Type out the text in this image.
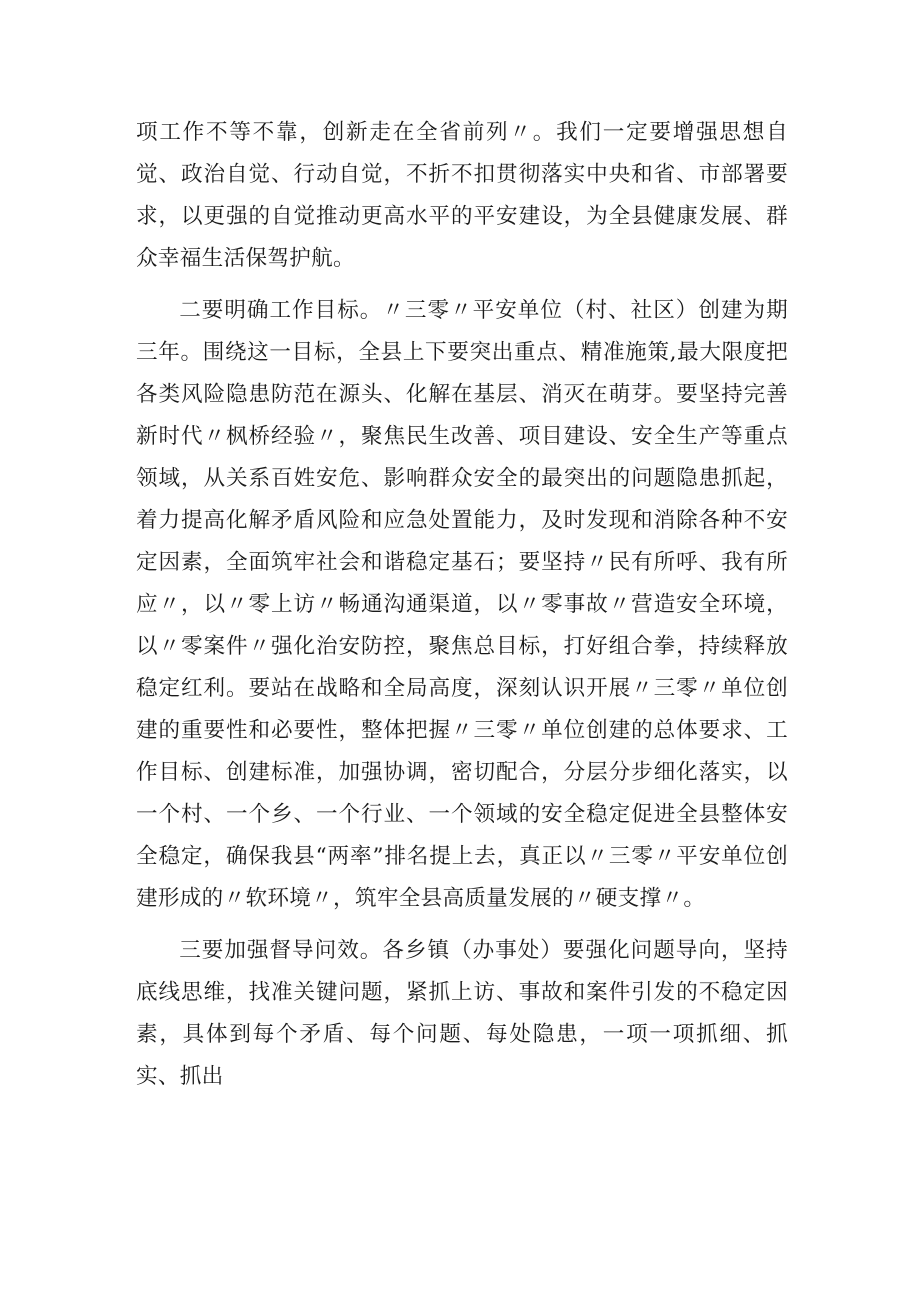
项工作不等不靠，创新走在全省前列〃。我们一定要增强思想自觉、政治自觉、行动自觉，不折不扣贯彻落实中央和省、市部署要求，以更强的自觉推动更高水平的平安建设，为全县健康发展、群众幸福生活保驾护航。

二要明确工作目标。〃三零〃平安单位（村、社区）创建为期三年。围绕这一目标，全县上下要突出重点、精准施策,最大限度把各类风险隐患防范在源头、化解在基层、消灭在萌芽。要坚持完善新时代〃枫桥经验〃，聚焦民生改善、项目建设、安全生产等重点领域，从关系百姓安危、影响群众安全的最突出的问题隐患抓起，着力提高化解矛盾风险和应急处置能力，及时发现和消除各种不安定因素，全面筑牢社会和谐稳定基石；要坚持〃民有所呼、我有所应〃，以〃零上访〃畅通沟通渠道，以〃零事故〃营造安全环境，以〃零案件〃强化治安防控，聚焦总目标，打好组合拳，持续释放稳定红利。要站在战略和全局高度，深刻认识开展〃三零〃单位创建的重要性和必要性，整体把握〃三零〃单位创建的总体要求、工作目标、创建标准，加强协调，密切配合，分层分步细化落实，以一个村、一个乡、一个行业、一个领域的安全稳定促进全县整体安全稳定，确保我县“两率”排名提上去，真正以〃三零〃平安单位创建形成的〃软环境〃，筑牢全县高质量发展的〃硬支撑〃。

三要加强督导问效。各乡镇（办事处）要强化问题导向，坚持底线思维，找准关键问题，紧抓上访、事故和案件引发的不稳定因素，具体到每个矛盾、每个问题、每处隐患，一项一项抓细、抓实、抓出
